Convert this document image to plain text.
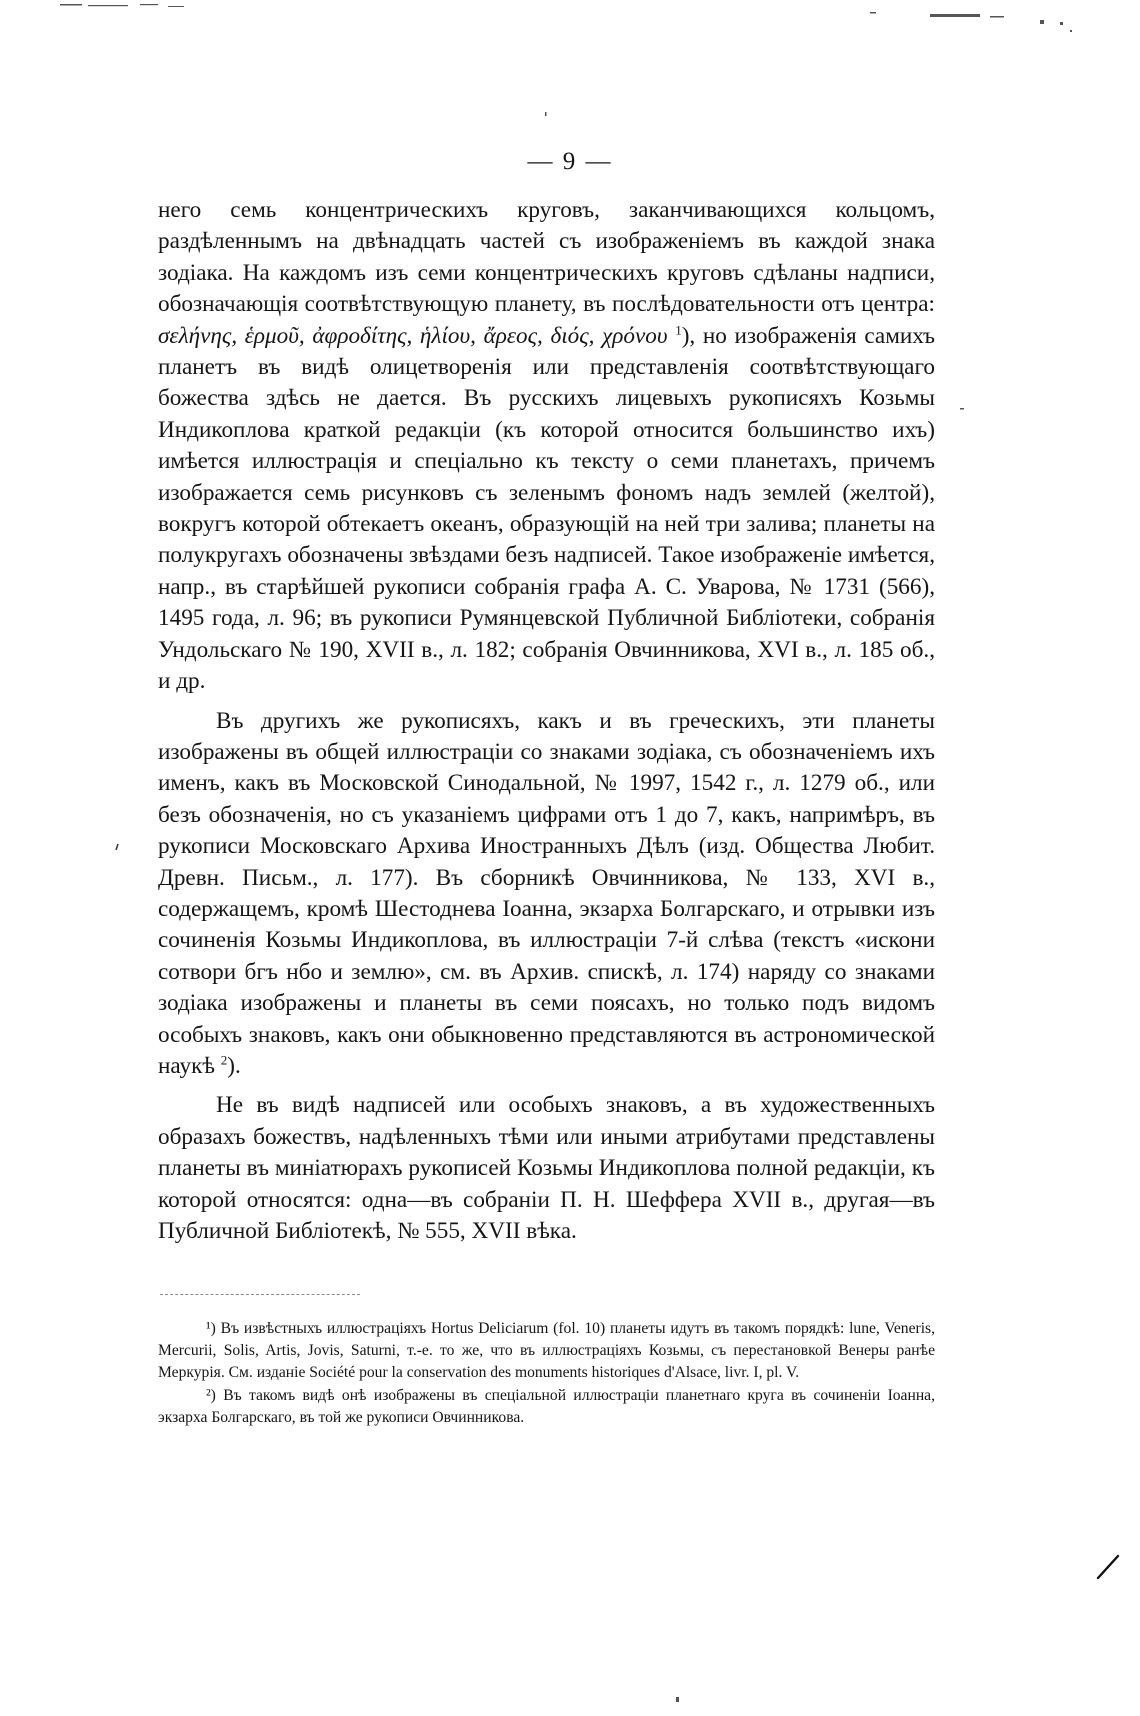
— 9 —

него семь концентрическихъ круговъ, заканчивающихся кольцомъ, раздѣленнымъ на двѣнадцать частей съ изображеніемъ въ каждой знака зодіака. На каждомъ изъ семи концентрическихъ круговъ сдѣланы надписи, обозначающія соотвѣтствующую планету, въ послѣдовательности отъ центра: σελήνης, ἑρμοῦ, ἀφροδίτης, ἡλίου, ἄρεος, διός, χρόνου $^1$), но изображенія самихъ планетъ въ видѣ олицетворенія или представленія соотвѣтствующаго божества здѣсь не дается. Въ русскихъ лицевыхъ рукописяхъ Козьмы Индикоплова краткой редакціи (къ которой относится большинство ихъ) имѣется иллюстрація и спеціально къ тексту о семи планетахъ, причемъ изображается семь рисунковъ съ зеленымъ фономъ надъ землей (желтой), вокругъ которой обтекаетъ океанъ, образующій на ней три залива; планеты на полукругахъ обозначены звѣздами безъ надписей. Такое изображеніе имѣется, напр., въ старѣйшей рукописи собранія графа А. С. Уварова, № 1731 (566), 1495 года, л. 96; въ рукописи Румянцевской Публичной Библіотеки, собранія Ундольскаго № 190, XVII в., л. 182; собранія Овчинникова, XVI в., л. 185 об., и др.

Въ другихъ же рукописяхъ, какъ и въ греческихъ, эти планеты изображены въ общей иллюстраціи со знаками зодіака, съ обозначеніемъ ихъ именъ, какъ въ Московской Синодальной, № 1997, 1542 г., л. 1279 об., или безъ обозначенія, но съ указаніемъ цифрами отъ 1 до 7, какъ, напримѣръ, въ рукописи Московскаго Архива Иностранныхъ Дѣлъ (изд. Общества Любит. Древн. Письм., л. 177). Въ сборникѣ Овчинникова, № 133, XVI в., содержащемъ, кромѣ Шестоднева Іоанна, экзарха Болгарскаго, и отрывки изъ сочиненія Козьмы Индикоплова, въ иллюстраціи 7-й слѣва (текстъ «искони сотвори бгъ нбо и землю», см. въ Архив. спискѣ, л. 174) наряду со знаками зодіака изображены и планеты въ семи поясахъ, но только подъ видомъ особыхъ знаковъ, какъ они обыкновенно представляются въ астрономической наукѣ $^2$).

Не въ видѣ надписей или особыхъ знаковъ, а въ художественныхъ образахъ божествъ, надѣленныхъ тѣми или иными атрибутами представлены планеты въ миніатюрахъ рукописей Козьмы Индикоплова полной редакціи, къ которой относятся: одна—въ собраніи П. Н. Шеффера XVII в., другая—въ Публичной Библіотекѣ, № 555, XVII вѣка.

¹) Въ извѣстныхъ иллюстраціяхъ Hortus Deliciarum (fol. 10) планеты идутъ въ такомъ порядкѣ: lune, Veneris, Mercurii, Solis, Artis, Jovis, Saturni, т.-е. то же, что въ иллюстраціяхъ Козьмы, съ перестановкой Венеры ранѣе Меркурія. См. изданіе Société pour la conservation des monuments historiques d'Alsace, livr. I, pl. V.

²) Въ такомъ видѣ онѣ изображены въ спеціальной иллюстраціи планетнаго круга въ сочиненіи Іоанна, экзарха Болгарскаго, въ той же рукописи Овчинникова.
